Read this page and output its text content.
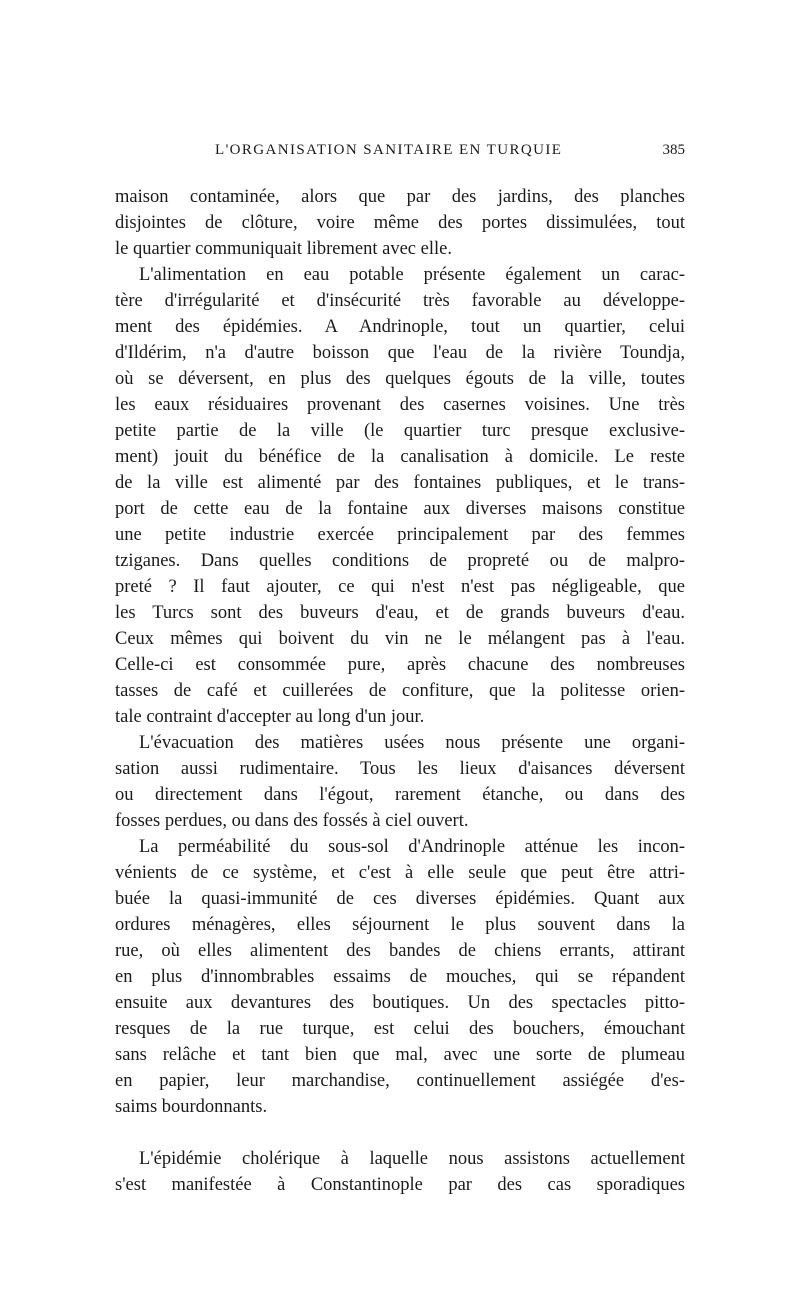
L'ORGANISATION SANITAIRE EN TURQUIE	385
maison contaminée, alors que par des jardins, des planches
disjointes de clôture, voire même des portes dissimulées, tout
le quartier communiquait librement avec elle.
L'alimentation en eau potable présente également un carac-
tère d'irrégularité et d'insécurité très favorable au développe-
ment des épidémies. A Andrinople, tout un quartier, celui
d'Ildérim, n'a d'autre boisson que l'eau de la rivière Toundja,
où se déversent, en plus des quelques égouts de la ville, toutes
les eaux résiduaires provenant des casernes voisines. Une très
petite partie de la ville (le quartier turc presque exclusive-
ment) jouit du bénéfice de la canalisation à domicile. Le reste
de la ville est alimenté par des fontaines publiques, et le trans-
port de cette eau de la fontaine aux diverses maisons constitue
une petite industrie exercée principalement par des femmes
tziganes. Dans quelles conditions de propreté ou de malpro-
preté ? Il faut ajouter, ce qui n'est n'est pas négligeable, que
les Turcs sont des buveurs d'eau, et de grands buveurs d'eau.
Ceux mêmes qui boivent du vin ne le mélangent pas à l'eau.
Celle-ci est consommée pure, après chacune des nombreuses
tasses de café et cuillerées de confiture, que la politesse orien-
tale contraint d'accepter au long d'un jour.
L'évacuation des matières usées nous présente une organi-
sation aussi rudimentaire. Tous les lieux d'aisances déversent
ou directement dans l'égout, rarement étanche, ou dans des
fosses perdues, ou dans des fossés à ciel ouvert.
La perméabilité du sous-sol d'Andrinople atténue les incon-
vénients de ce système, et c'est à elle seule que peut être attri-
buée la quasi-immunité de ces diverses épidémies. Quant aux
ordures ménagères, elles séjournent le plus souvent dans la
rue, où elles alimentent des bandes de chiens errants, attirant
en plus d'innombrables essaims de mouches, qui se répandent
ensuite aux devantures des boutiques. Un des spectacles pitto-
resques de la rue turque, est celui des bouchers, émouchant
sans relâche et tant bien que mal, avec une sorte de plumeau
en papier, leur marchandise, continuellement assiégée d'es-
saims bourdonnants.
L'épidémie cholérique à laquelle nous assistons actuellement
s'est manifestée à Constantinople par des cas sporadiques
